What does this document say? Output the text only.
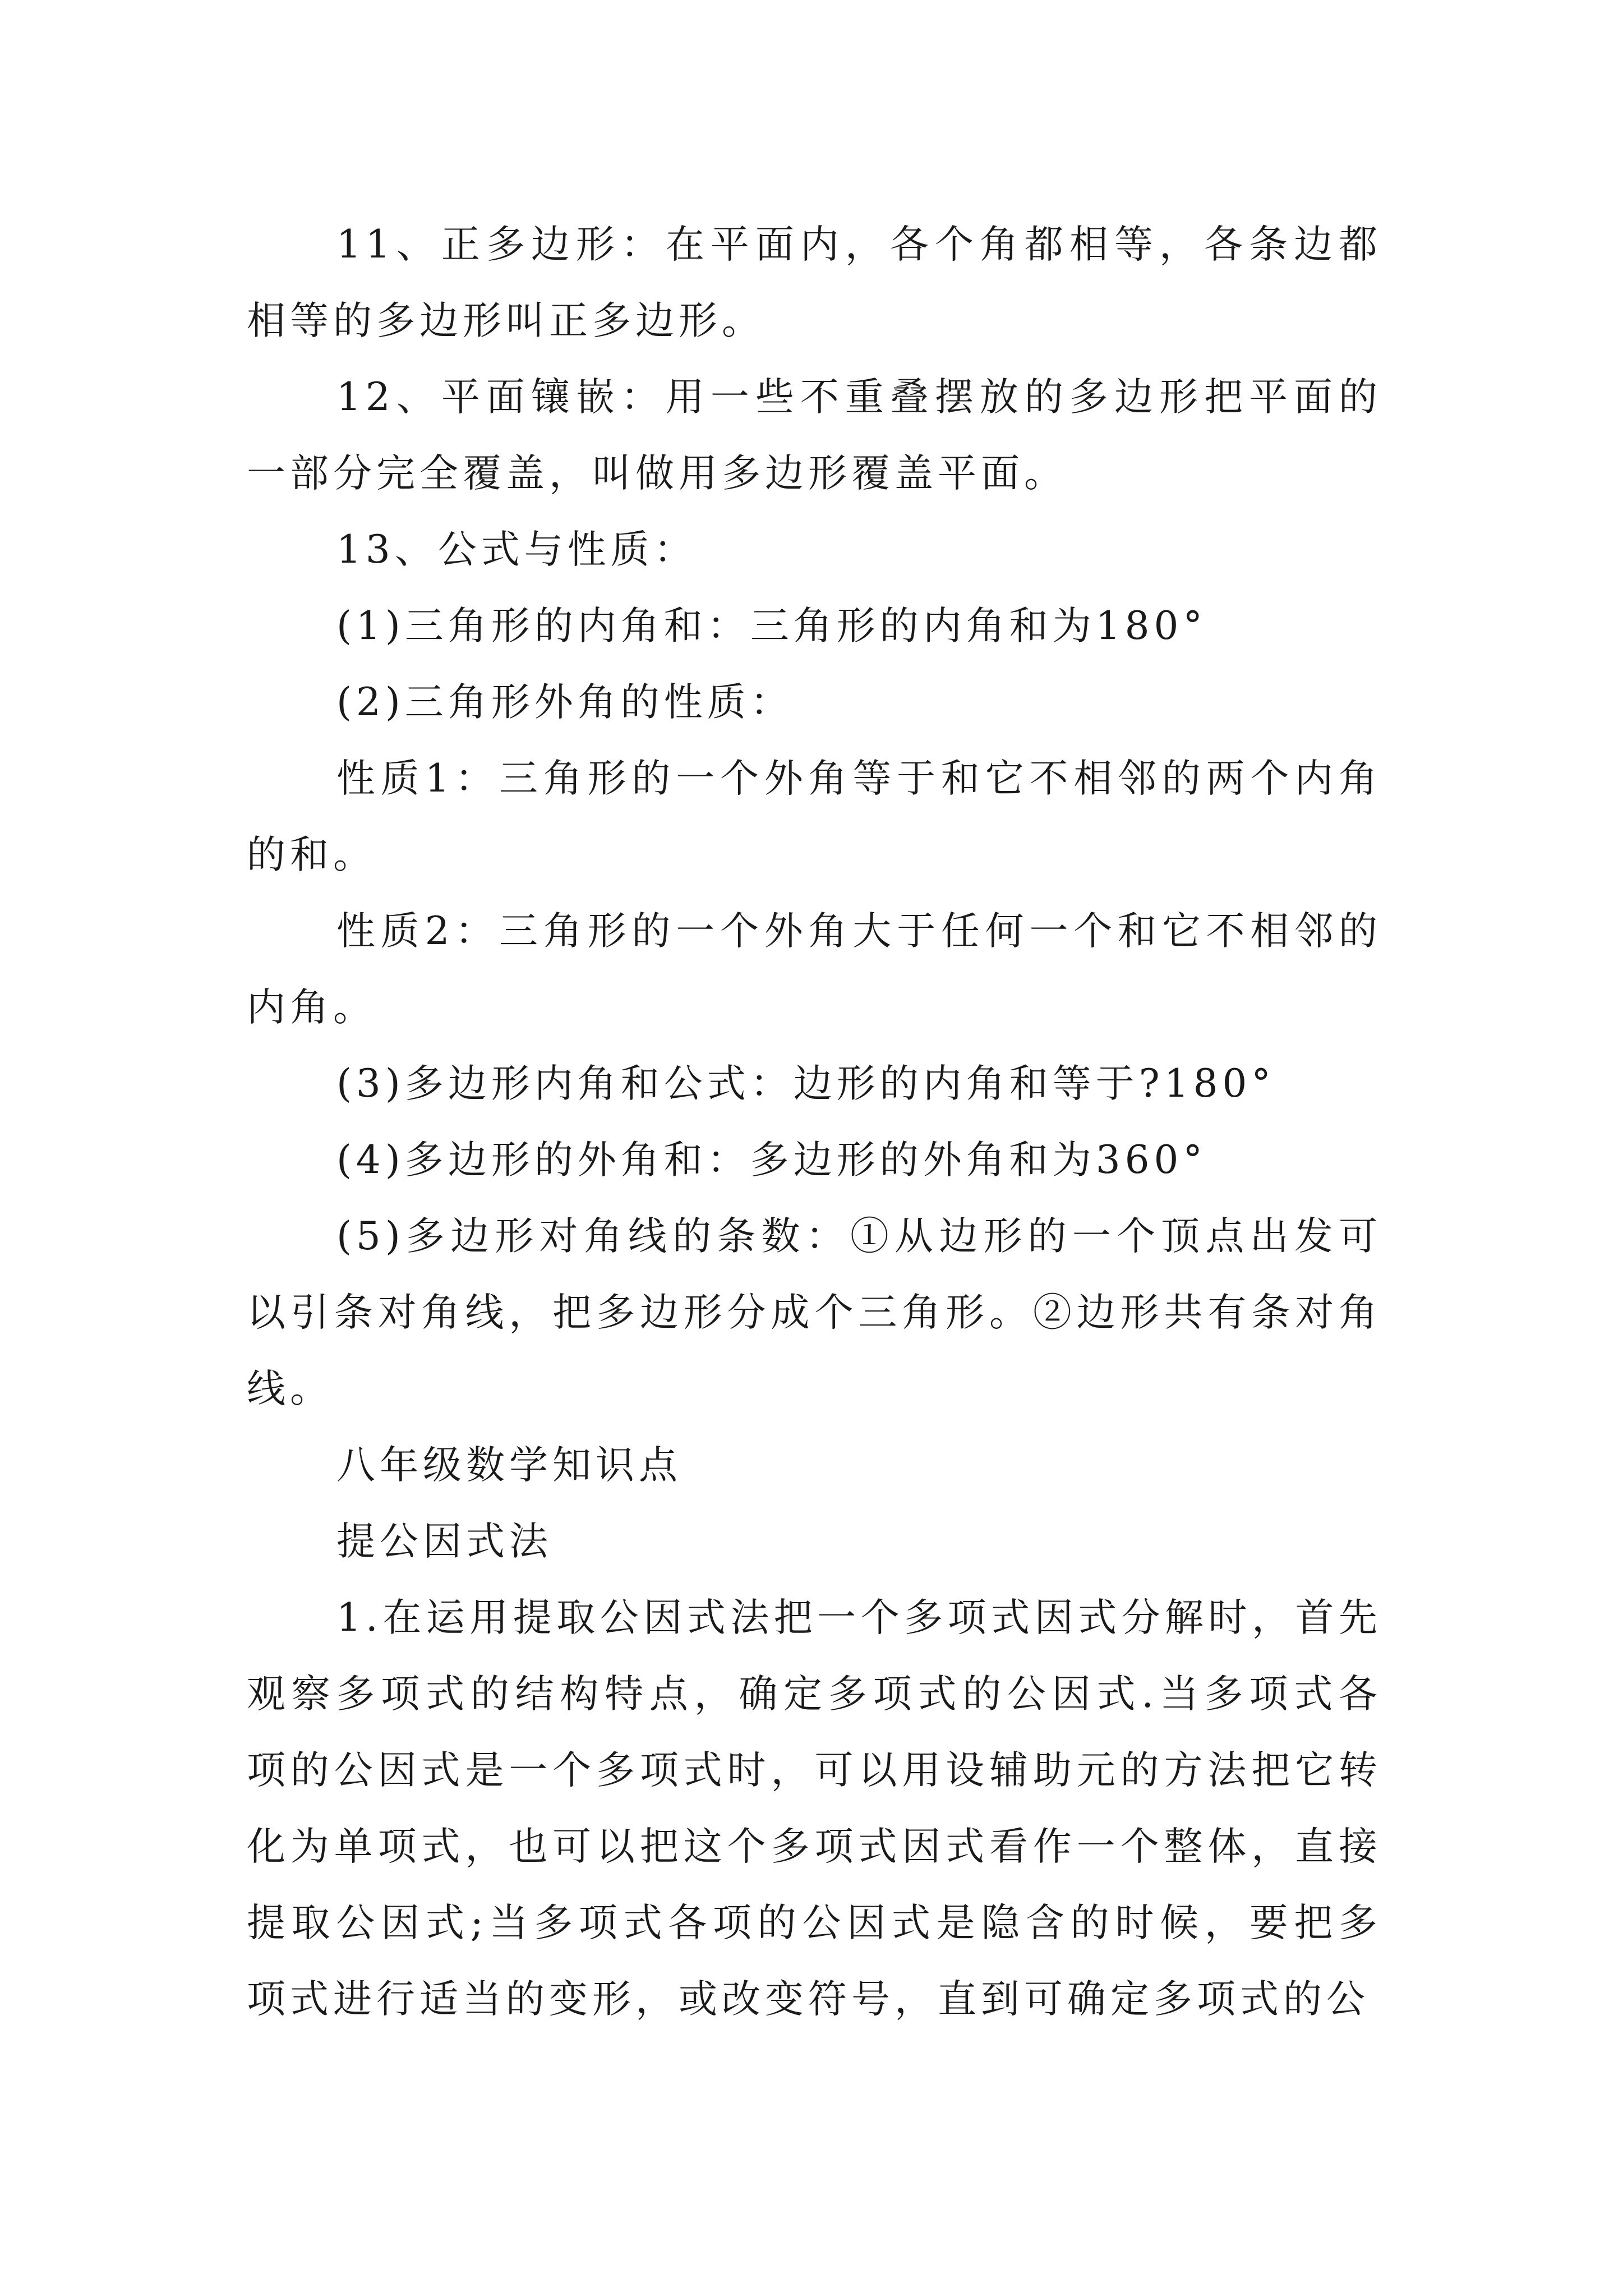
11、正多边形：在平面内，各个角都相等，各条边都相等的多边形叫正多边形。

12、平面镶嵌：用一些不重叠摆放的多边形把平面的一部分完全覆盖，叫做用多边形覆盖平面。

13、公式与性质：

(1)三角形的内角和：三角形的内角和为180°

(2)三角形外角的性质：

性质1：三角形的一个外角等于和它不相邻的两个内角的和。

性质2：三角形的一个外角大于任何一个和它不相邻的内角。

(3)多边形内角和公式：边形的内角和等于?180°

(4)多边形的外角和：多边形的外角和为360°

(5)多边形对角线的条数：①从边形的一个顶点出发可以引条对角线，把多边形分成个三角形。②边形共有条对角线。

八年级数学知识点

提公因式法

1.在运用提取公因式法把一个多项式因式分解时，首先观察多项式的结构特点，确定多项式的公因式.当多项式各项的公因式是一个多项式时，可以用设辅助元的方法把它转化为单项式，也可以把这个多项式因式看作一个整体，直接提取公因式;当多项式各项的公因式是隐含的时候，要把多项式进行适当的变形，或改变符号，直到可确定多项式的公
